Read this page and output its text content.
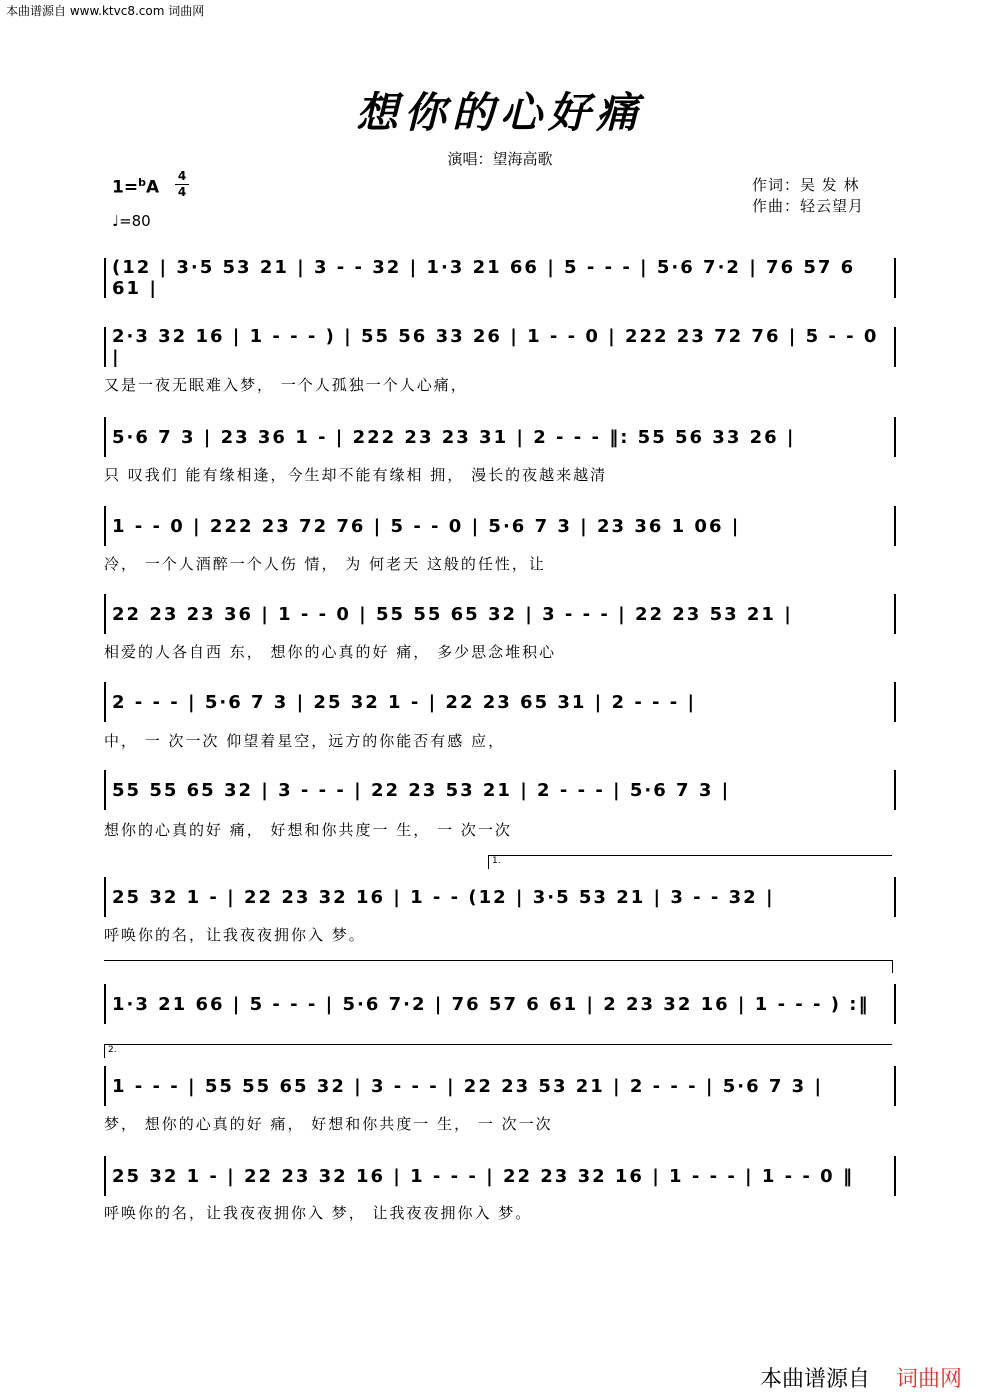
本曲谱源自 www.ktvc8.com 词曲网
想你的心好痛
演唱：望海高歌
作词：吴 发 林
作曲：轻云望月
1=$^b$A
4
4
♩=80
(12 | 3·5 53 21 | 3 - - 32 | 1·3 21 66 | 5 - - - | 5·6 7·2 | 76 57 6 61 |
2·3 32 16 | 1 - - - ) | 55 56 33 26 | 1 - - 0 | 222 23 72 76 | 5 - - 0 |
又是一夜无眠难入梦， 一个人孤独一个人心痛，
5·6 7 3 | 23 36 1 - | 222 23 23 31 | 2 - - - ‖: 55 56 33 26 |
只 叹我们 能有缘相逢，今生却不能有缘相 拥， 漫长的夜越来越清
1 - - 0 | 222 23 72 76 | 5 - - 0 | 5·6 7 3 | 23 36 1 06 |
冷， 一个人酒醉一个人伤 情， 为 何老天 这般的任性，让
22 23 23 36 | 1 - - 0 | 55 55 65 32 | 3 - - - | 22 23 53 21 |
相爱的人各自西 东， 想你的心真的好 痛， 多少思念堆积心
2 - - - | 5·6 7 3 | 25 32 1 - | 22 23 65 31 | 2 - - - |
中， 一 次一次 仰望着星空，远方的你能否有感 应，
55 55 65 32 | 3 - - - | 22 23 53 21 | 2 - - - | 5·6 7 3 |
想你的心真的好 痛， 好想和你共度一 生， 一 次一次
1.
25 32 1 - | 22 23 32 16 | 1 - - (12 | 3·5 53 21 | 3 - - 32 |
呼唤你的名，让我夜夜拥你入 梦。
1·3 21 66 | 5 - - - | 5·6 7·2 | 76 57 6 61 | 2 23 32 16 | 1 - - - ) :‖
2.
1 - - - | 55 55 65 32 | 3 - - - | 22 23 53 21 | 2 - - - | 5·6 7 3 |
梦， 想你的心真的好 痛， 好想和你共度一 生， 一 次一次
25 32 1 - | 22 23 32 16 | 1 - - - | 22 23 32 16 | 1 - - - | 1 - - 0 ‖
呼唤你的名，让我夜夜拥你入 梦， 让我夜夜拥你入 梦。
本曲谱源自 词曲网
